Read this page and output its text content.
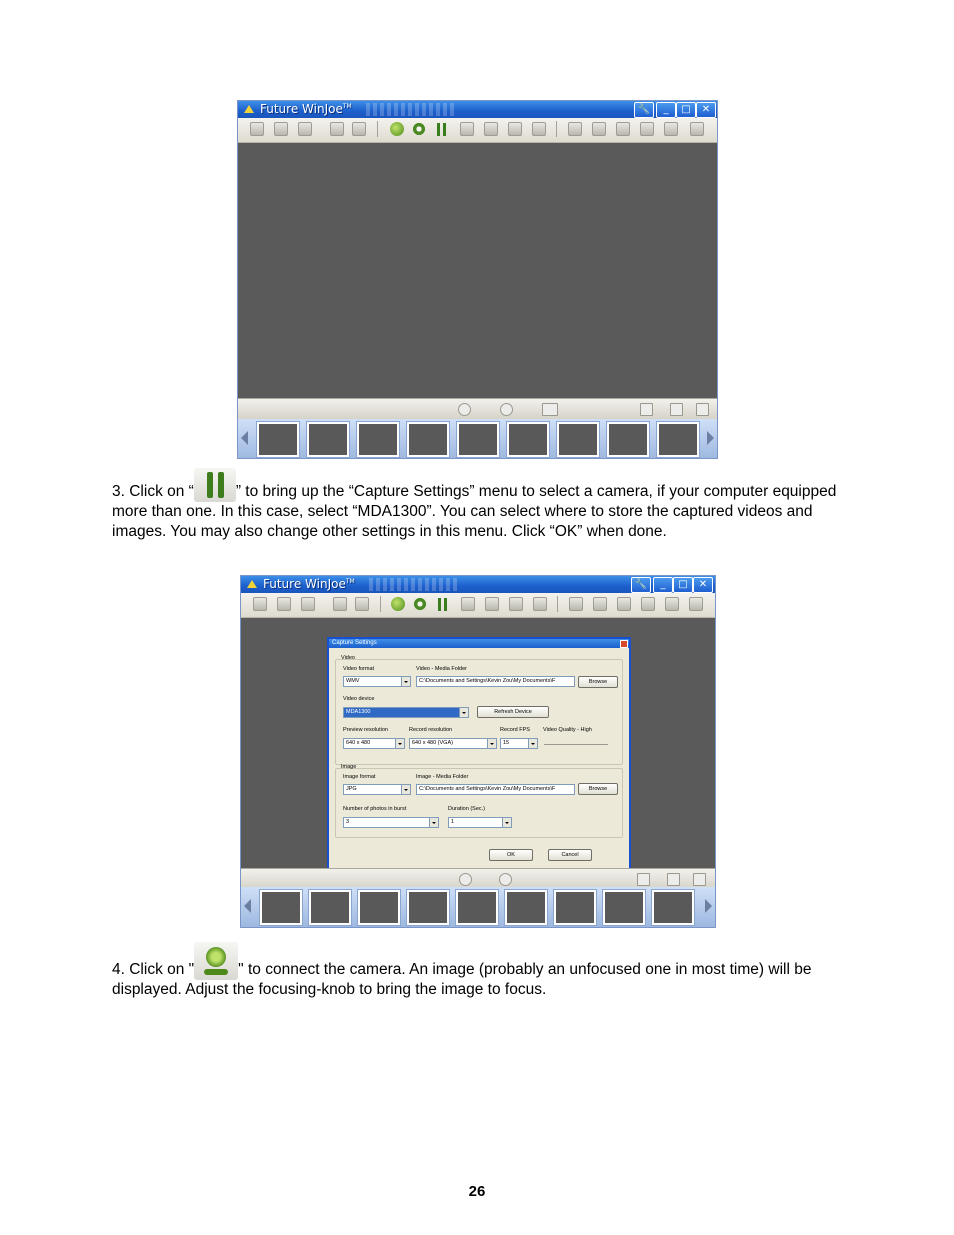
Future WinJoe™	🔧	_	□	✕
3. Click on “	” to bring up the “Capture Settings” menu to select a camera, if your computer equipped more than one. In this case, select “MDA1300”. You can select where to store the captured videos and images. You may also change other settings in this menu. Click “OK” when done.
Future WinJoe™	🔧	_	□	✕
Capture Settings
Video
Video format
WMV
Video - Media Folder
C:\Documents and Settings\Kevin Zou\My Documents\F	Browse
Video device
MDA1300	Refresh Device
Preview resolution
640 x 480
Record resolution
640 x 480 (VGA)
Record FPS
15
Video Quality - High
Image
Image format
JPG
Image - Media Folder
C:\Documents and Settings\Kevin Zou\My Documents\F	Browse
Number of photos in burst
3
Duration (Sec.)
1
OK	Cancel
4. Click on "	" to connect the camera. An image (probably an unfocused one in most time) will be displayed. Adjust the focusing-knob to bring the image to focus.
26
